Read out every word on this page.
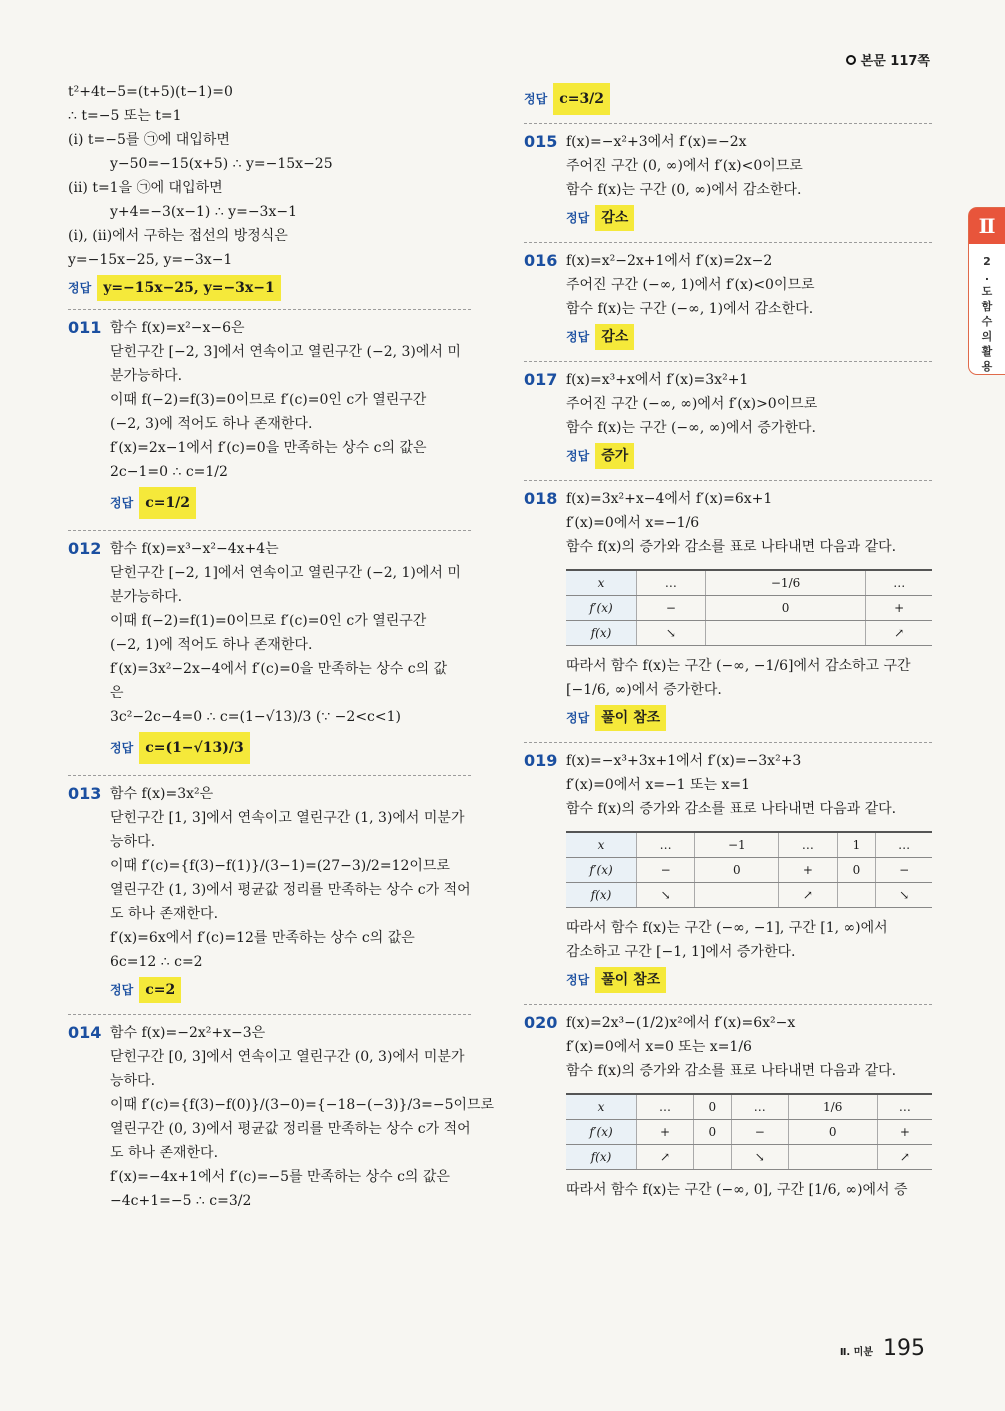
본문 117쪽
Ⅱ
2
.
도
함
수
의
활
용
t²+4t−5=(t+5)(t−1)=0
∴ t=−5 또는 t=1
(ⅰ) t=−5를 ㉠에 대입하면
y−50=−15(x+5) ∴ y=−15x−25
(ⅱ) t=1을 ㉠에 대입하면
y+4=−3(x−1) ∴ y=−3x−1
(ⅰ), (ⅱ)에서 구하는 접선의 방정식은
y=−15x−25, y=−3x−1
정답 y=−15x−25, y=−3x−1
011 함수 f(x)=x²−x−6은
닫힌구간 [−2, 3]에서 연속이고 열린구간 (−2, 3)에서 미
분가능하다.
이때 f(−2)=f(3)=0이므로 f′(c)=0인 c가 열린구간
(−2, 3)에 적어도 하나 존재한다.
f′(x)=2x−1에서 f′(c)=0을 만족하는 상수 c의 값은
2c−1=0 ∴ c=1/2
정답 c=1/2
012 함수 f(x)=x³−x²−4x+4는
닫힌구간 [−2, 1]에서 연속이고 열린구간 (−2, 1)에서 미
분가능하다.
이때 f(−2)=f(1)=0이므로 f′(c)=0인 c가 열린구간
(−2, 1)에 적어도 하나 존재한다.
f′(x)=3x²−2x−4에서 f′(c)=0을 만족하는 상수 c의 값
은
3c²−2c−4=0 ∴ c=(1−√13)/3 (∵ −2<c<1)
정답 c=(1−√13)/3
013 함수 f(x)=3x²은
닫힌구간 [1, 3]에서 연속이고 열린구간 (1, 3)에서 미분가
능하다.
이때 f′(c)={f(3)−f(1)}/(3−1)=(27−3)/2=12이므로
열린구간 (1, 3)에서 평균값 정리를 만족하는 상수 c가 적어
도 하나 존재한다.
f′(x)=6x에서 f′(c)=12를 만족하는 상수 c의 값은
6c=12 ∴ c=2
정답 c=2
014 함수 f(x)=−2x²+x−3은
닫힌구간 [0, 3]에서 연속이고 열린구간 (0, 3)에서 미분가
능하다.
이때 f′(c)={f(3)−f(0)}/(3−0)={−18−(−3)}/3=−5이므로
열린구간 (0, 3)에서 평균값 정리를 만족하는 상수 c가 적어
도 하나 존재한다.
f′(x)=−4x+1에서 f′(c)=−5를 만족하는 상수 c의 값은
−4c+1=−5 ∴ c=3/2
정답 c=3/2
015 f(x)=−x²+3에서 f′(x)=−2x
주어진 구간 (0, ∞)에서 f′(x)<0이므로
함수 f(x)는 구간 (0, ∞)에서 감소한다.
정답 감소
016 f(x)=x²−2x+1에서 f′(x)=2x−2
주어진 구간 (−∞, 1)에서 f′(x)<0이므로
함수 f(x)는 구간 (−∞, 1)에서 감소한다.
정답 감소
017 f(x)=x³+x에서 f′(x)=3x²+1
주어진 구간 (−∞, ∞)에서 f′(x)>0이므로
함수 f(x)는 구간 (−∞, ∞)에서 증가한다.
정답 증가
018 f(x)=3x²+x−4에서 f′(x)=6x+1
f′(x)=0에서 x=−1/6
함수 f(x)의 증가와 감소를 표로 나타내면 다음과 같다.
x	…	−1/6	…
f′(x)	−	0	+
f(x)	↘		↗
따라서 함수 f(x)는 구간 (−∞, −1/6]에서 감소하고 구간
[−1/6, ∞)에서 증가한다.
정답 풀이 참조
019 f(x)=−x³+3x+1에서 f′(x)=−3x²+3
f′(x)=0에서 x=−1 또는 x=1
함수 f(x)의 증가와 감소를 표로 나타내면 다음과 같다.
x	…	−1	…	1	…
f′(x)	−	0	+	0	−
f(x)	↘		↗		↘
따라서 함수 f(x)는 구간 (−∞, −1], 구간 [1, ∞)에서
감소하고 구간 [−1, 1]에서 증가한다.
정답 풀이 참조
020 f(x)=2x³−(1/2)x²에서 f′(x)=6x²−x
f′(x)=0에서 x=0 또는 x=1/6
함수 f(x)의 증가와 감소를 표로 나타내면 다음과 같다.
x	…	0	…	1/6	…
f′(x)	+	0	−	0	+
f(x)	↗		↘		↗
따라서 함수 f(x)는 구간 (−∞, 0], 구간 [1/6, ∞)에서 증
Ⅱ. 미분 195
